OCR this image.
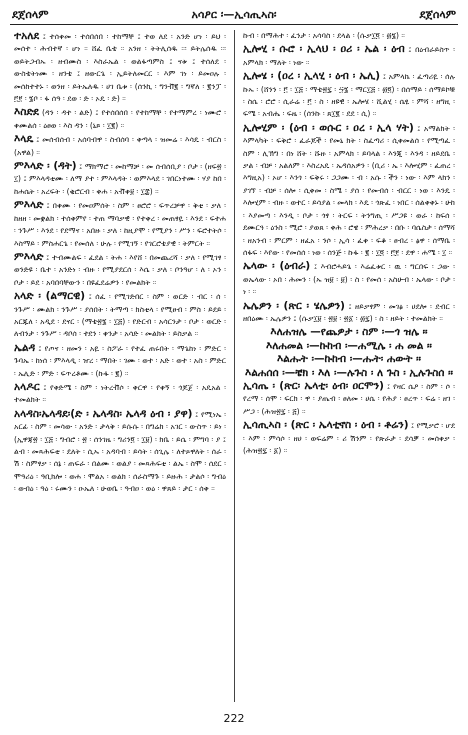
ደጀሰላም	አሳዖር ፡—ኢሳጢኣስ፡	ደጀሰላም
ተአለደ ፤ ተሰቀመ ፡ ተሰበሰበ ፡ ተከማቸ ፤ ተወ ለደ ፡ አንድ ሆነ ፡ ይህ ፡ መሰተ ፡ ሕብተኛ ፡ ሆነ ። ሸፈ ቤቴ ። አንዘ ፡ ትትሊሰዱ ።፡ ይትሌሰዱ ።፡ ወይትጋብኡ ፡ ዘብሙስ ፡ እስራኤል ፡ ወልፋጣምስ ፤ ናቱ ፤ ተሰለደ ፡ ውስቴትነሙ ፡ ዘንቴ ፤ ዘውርጌ ፡ ኢይትለመርር ፡ እም ገነ ፡ ይመዐሉ ፡ መሰከተተኑ ፡ ወንዘ ፡ ይትኤለዱ ፡ ሀገ ቤቱ ፡ (ሰንኪ ፡ ግንቭ፪ ፡ ግኛለ ፡ ፪ንፓ ፡ ፫፻ ፡ ፮ቦ ፡ ፋ ሰዓ ፡ ደወ ፡ ድ ፡ ኦዴ ፡ ድ) ።
እስድደ (ዳን ፡ ዳተ ፡ ልድ) ፤ የተሰበሰበ ፡ የተከማቸ ፡ የተማምረ ፡ ነሙሮ ፡ ቀሙልሰ ፡ ዕፀወ ፡ እስ ዳን ፡ (ኒጾ ፡ ፲፪) ።
እላዴ ፤ መሰብሰብ ፡ አሰባብዋ ፡ ስብሰባ ፡ ቀጣላ ፡ ዝመሬ ፡ እሳዴ ፡ ብርስ ፡ (አዋል) ።
ምእላድ ፡ (ዳት) ፤ ማክማሮ ፡ መከማቻ ፡ መ ሰብሰቢያ ፡ ቦታ ፡ (ዘፍ፳ ፡ ፲) ፤ ምእላዳቲሙ ፡ ለማ ያተ ፡ ምእላዳት ፡ ወምእላደ ፡ ገበርነተሙ ፡ ሃያ ከበ ፡ ከሐሴት ፡ አረፍት ፡ (ቂሮርብ ፡ ቀሐ ፡ አቭቀ፱ ፡ ፲፰) ።
ምእላድ ፤ በቀሙ ፡ የመዐምሰት ፡ ስም ፡ ፀሮሮ ፡ ፍጥረቻዋ ፡ ቅቲ ፡ ቃለ ፡ ከዘዘ ፡ መቋልክ ፡ ተሰቀምየ ፡ ተጠ ማባቃዊ ፡ የተቀረ ፡ መጠፃዬ ፡ እንደ ፡ ፍተሐ ፡ ንጉሥ ፡ እንደ ፡ የደማና ፡ አበዙ ፡ ቃለ ፡ ከዚያሞ ፡ የሚያን ፡ ሥን ፡ ፍሮተትሶ ፡ እስማይ ፡ ምስሐርጌ ፡ የመሰለ ፡ ሁሉ ፡ የሚገኝ ፡ የገርሮቴያዊ ፡ ትምርት ።
ምእላድ ፤ ተብሙልፍ ፡ ፈደል ፡ ትሐ ፡ እየሸ ፡ በመጨረሻ ፡ ቃለ ፡ የሚገፃ ፡ ወንድዩ ፡ ቤተ ፡ አንድነ ፡ ብዙ ፡ የሚያደርሰ ፡ እሴ ፡ ቃለ ፡ ቦንዓሆ ፡ ለ ፡ ኦን ፡ ቦታ ፡ ይደ ፡ አባበባቸውን ፡ በዩፈደሬዎን ፡ የመልክት ።
አላድ ፡ (ልማርዊ) ፤ ሰፈ ፡ የሚገድበር ፡ ስም ፡ ወርድ ፡ ብር ፡ ሰ ፡ ንጉሥ ፡ ሙልክ ፡ ንጉሥ ፡ ያሰበት ፡ ትማጣ ፡ ክስቲላ ፡ የሚፀብ ፡ ምስ ፡ ይደይ ፡ አርጁለ ፡ አዲደ ፡ ደናር ፡ (ማቴ፳፮ ፡ ፲፭) ፡ የድርብ ፡ አሳርንታ ፡ ቦታ ፡ ወርድ ፡ ለብንታ ፡ ንጉሥ ፡ ዳቦሰ ፡ ተደን ፡ ቀንታ ፡ አሳድ ፡ መልክት ፡ ይስቃል ።
ኤልዳ ፤ የጦና ፡ ዘመን ፡ አዬ ፡ ስፖራ ፡ የተፈ ጠሩበት ፡ ማጌከነ ፡ ምድር ፡ ጉባኤ ፡ ከነሰ ፡ ምእላዲ ፡ ዠረ ፡ ማበት ፡ ገሙ ፡ ወተ ፡ አድ ፡ ወተ ፡ አስ ፡ ምድር ፡ ኤሊድ ፡ ምድ ፡ ፍጥረቶሙ ፡ (ኩፋ ፡ ፪) ።
አላዶር ፤ የቀድሜ ፡ ስም ፡ ነትረቭሶ ፡ ቀርዋ ፡ የቀኝ ፡ ጎጆጀ ፡ አዴአል ፡ ተመልክት ።
አላዳስ፡ኤላዳደ፡(ድ ፡ ኤላዳስ፡ ኤላዳ ዕብ ፡ ያዋ) ፤ የሚነኤ ፡ አርፊ ፡ ስም ፡ መሳው ፡ አንድ ፡ ታላቅ ፡ ይሱሱ ፡ በግሬክ ፡ አገር ፡ ውስጥ ፡ ይነ ፡ (ኢዋጃ፳ ፡ ፲፭ ፡ ግብሮ ፡ ፳ ፡ ሰንገዜ ፡ ግሪን፬ ፡ ፲፱) ፡ ክቤ ፡ ይሴ ፡ ምግባ ፡ ያ ፤ ልብ ፡ መጻሕፍቲ ፡ ደለት ፡ ሲኡ ፡ አዳባብ ፡ ይሳት ፡ ሰጊሌ ፡ ለተጶዋለት ፡ ሰራ ፡ ሽ ፡ ስምፃቃ ፡ ሰኔ ፡ ጠፍራ ፡ በልሙ ፡ ወልያ ፡ መጻሕፍቲ ፡ ልኤ ፡ ስሞ ፡ ሰደር ፡ ሞዓሪዕ ፡ ዓቢክሎ ፡ ወሐ ፡ ሞልአ ፡ ወልክ ፡ ሰራስማጉ ፡ ይዙሕ ፡ ታልሶ ፡ ግብዕ ፡ ወብዕ ፡ ዓዕ ፡ ሩሙን ፡ ዑኤለ ፡ ሁወቤ ፡ ዓብዐ ፡ ወዕ ፡ ዋጸይ ፡ ታር ፡ ሰቀ ።
ኩብ ፡ በማሕተ ፡ ፈንታ ፡ አሳባስ ፡ ደላል ፡ (ሱቃ፲፬ ፡ ፴፮) ።
ኢሎሂ ፡ ሱሮ ፡ ኢላህ ፡ ዐሪ ፡ ኤል ፡ ዕብ ፤ በዕብራይስጥ ፡ አምላክ ፡ ማለት ፡ ነው ።
ኢሎሄ ፡ (ዐረ ፡ ኢላሂ ፡ ዕብ ፡ ኤሊ) ፤ አምላኬ ፡ ፈጣሪዬ ፡ ሰሉ ኩኡ ፡ (ሸንን ፡ ፫ ፡ ፲፭ ፡ ማቴ፳፯ ፡ ፵፮ ፡ ማር፲፭ ፡ ፴፬) ፡ በሰማይ ፡ ሰማይኮቹ ፡ ስሴ ፡ ሮሮ ፡ ሲራሬ ፡ ፫ ፡ ስ ፡ ዘዩዊ ፡ ኤሎሄ ፡ ሺልሂ ፡ ሴፂ ፡ ምሻ ፡ ዘግዚ ፡ ፍሜ ፡ አብሔ ፡ ፍዜ ፡ (ሰንኩ ፡ ጸ፲፪ ፡ ደደ ፡ ሲ) ።
ኢሎሂም ፡ (ዕብ ፡ ወሱር ፡ ዐረ ፡ ኢላ ሃት) ፤ አማልክት ፡ እምላካት ፡ ፍቅሮ ፡ ፈራጆች ፡ የመኒ ክት ፡ ስፈጣሪ ፡ ሲቀመልሰ ፡ የሚጣፈ ፡ ስም ፡ ሊኽግ ፡ በነ ሸት ፡ ሹዙ ፡ አምላክ ፡ ይባላል ፡ እንጂ ፡ እንዳ ፡ ዘይደቤ ፡ ቃል ፡ ብቻ ፡ አልለም ፡ እስረአዴ ፡ ኤዳሰአዎን ፡ (ቢሪ ፡ ኤ ፡ እሎሂም ፡ ፈጠረ ፡ እግዚአ) ፡ ኦሆ ፡ እንጎ ፡ ፍቅሩ ፡ ጋጋሙ ፡ ብ ፡ አሱ ፡ ችን ፡ ነው ፡ እም ላክን ፡ ያገኘ ፡ ብቻ ፡ ሰሎ ፡ ሲቀመ ፡ ስሜ ፡ ያሰ ፡ የመብሰ ፡ ብርር ፡ ነወ ፡ እንዴ ፡ እሎሂም ፡ ብዙ ፡ ወተር ፡ ይሳያል ፡ መላክ ፡ እዴ ፡ ጎጽፈ ፡ ነበር ፡ ሰልቀቀኑ ፡ ሁከ ፡ እያመጣ ፡ እንዲ ፡ ቦታ ፡ ጎፃ ፡ ትርፍ ፡ ትንግጢ ፡ ሥጋዩ ፡ ወራ ፡ ከፍሰ ፡ ደሙርጓ ፡ ዕንስ ፡ ሚሮ ፡ ያወጸ ፡ ቀሕ ፡ ሮዌ ፡ ምሕረቃ ፡ በቡ ፡ ባሴስታ ፡ ሰማሻ ፡ ዘአንብ ፡ ምርም ፡ ዘፈአ ፡ ንሶ ፡ ኢሳ ፡ ፈቀ ፡ ፍቆ ፡ ፀብረ ፡ ፅዋ ፡ ሰማቤ ፡ ሰፋፍ ፡ እየው ፡ የመሰሰ ፡ ነወ ፡ ሰንጅ ፡ ኩፋ ፡ ፪ ፡ ፲፬ ፡ ፫፻ ፡ ደዋ ፡ ሐሜ ፡ ፲ ።
ኤላው ፡ (ዕብራ) ፤ እብሮሓይጌ ፡ እሬፈቱር ፡ ዉ ፡ ግርበፍ ፡ ጋው ፡ ወኤላው ፡ ኦበ ፡ ሕመን ፡ (ኡ ዝ፱ ፡ ፱) ፡ ስ ፡ የመሰ ፡ አስሁብ ፡ ኤላው ፡ ቦታ ፡ ነ ፡ ።
ኤሌዎን ፡ (ጽር ፡ ሄሌዎን) ፤ ዘይቃፃም ፡ መገፅ ፡ ሀደሎ ፡ ደብር ፡ ዘበዕሙ ፡ ኤሌዎን ፤ (ሱቃ፲፱ ፡ ፳፱ ፡ ፳፩ ፡ ፴፯) ፡ ስ ፡ ዘይት ፡ ተመልክት ።
እለሐዝሌ —የጨዎታ ፡ ስም ፡—ጎ ዝሌ ።
እለሐመል ፡—ኩከብ ፡—ሐሚሌ ፡ ሐ መል ።
እልሑት ፡—ኩከብ ፡—ሑት፡ ሐውት ።
እልሐሰሰ ፡—ቼክ ፡ እለ ፡—ሉጉስ ፡ ለ ጉስ ፡ ኢሉጉስሰ ።
ኢሳጤ ፡ (ጽር፡ ኤላቲ፡ ዕብ፡ ዐርሞን) ፤ የዛር ሴዖ ፡ ስም ፡ ሶ ፡ የረማ ፡ ሰሞ ፡ ፍርክ ፡ ዋ ፡ ያጤብ ፡ ፀለመ ፡ ሀሴ ፡ የሕያ ፡ ፀረጥ ፡ ፍሬ ፡ ዘገ ፡ ሥጋ ፡ (ሕዝ፳፯ ፡ ፭) ።
ኢሳጢኣስ ፡ (ጽር ፡ ኤላቲኖስ ፡ ዕብ ፡ ቶሬን) ፤ የሚቃሮ ፡ ሆደ ፡ እም ፡ ምሳሶ ፡ ዘሀ ፡ ወፍሬም ፡ ሪ ሽንም ፡ የጽራታ ፡ ደሳቓ ፡ መሰቀቃ ፡ (ሕዝ፳፯ ፡ ፩) ።
222
